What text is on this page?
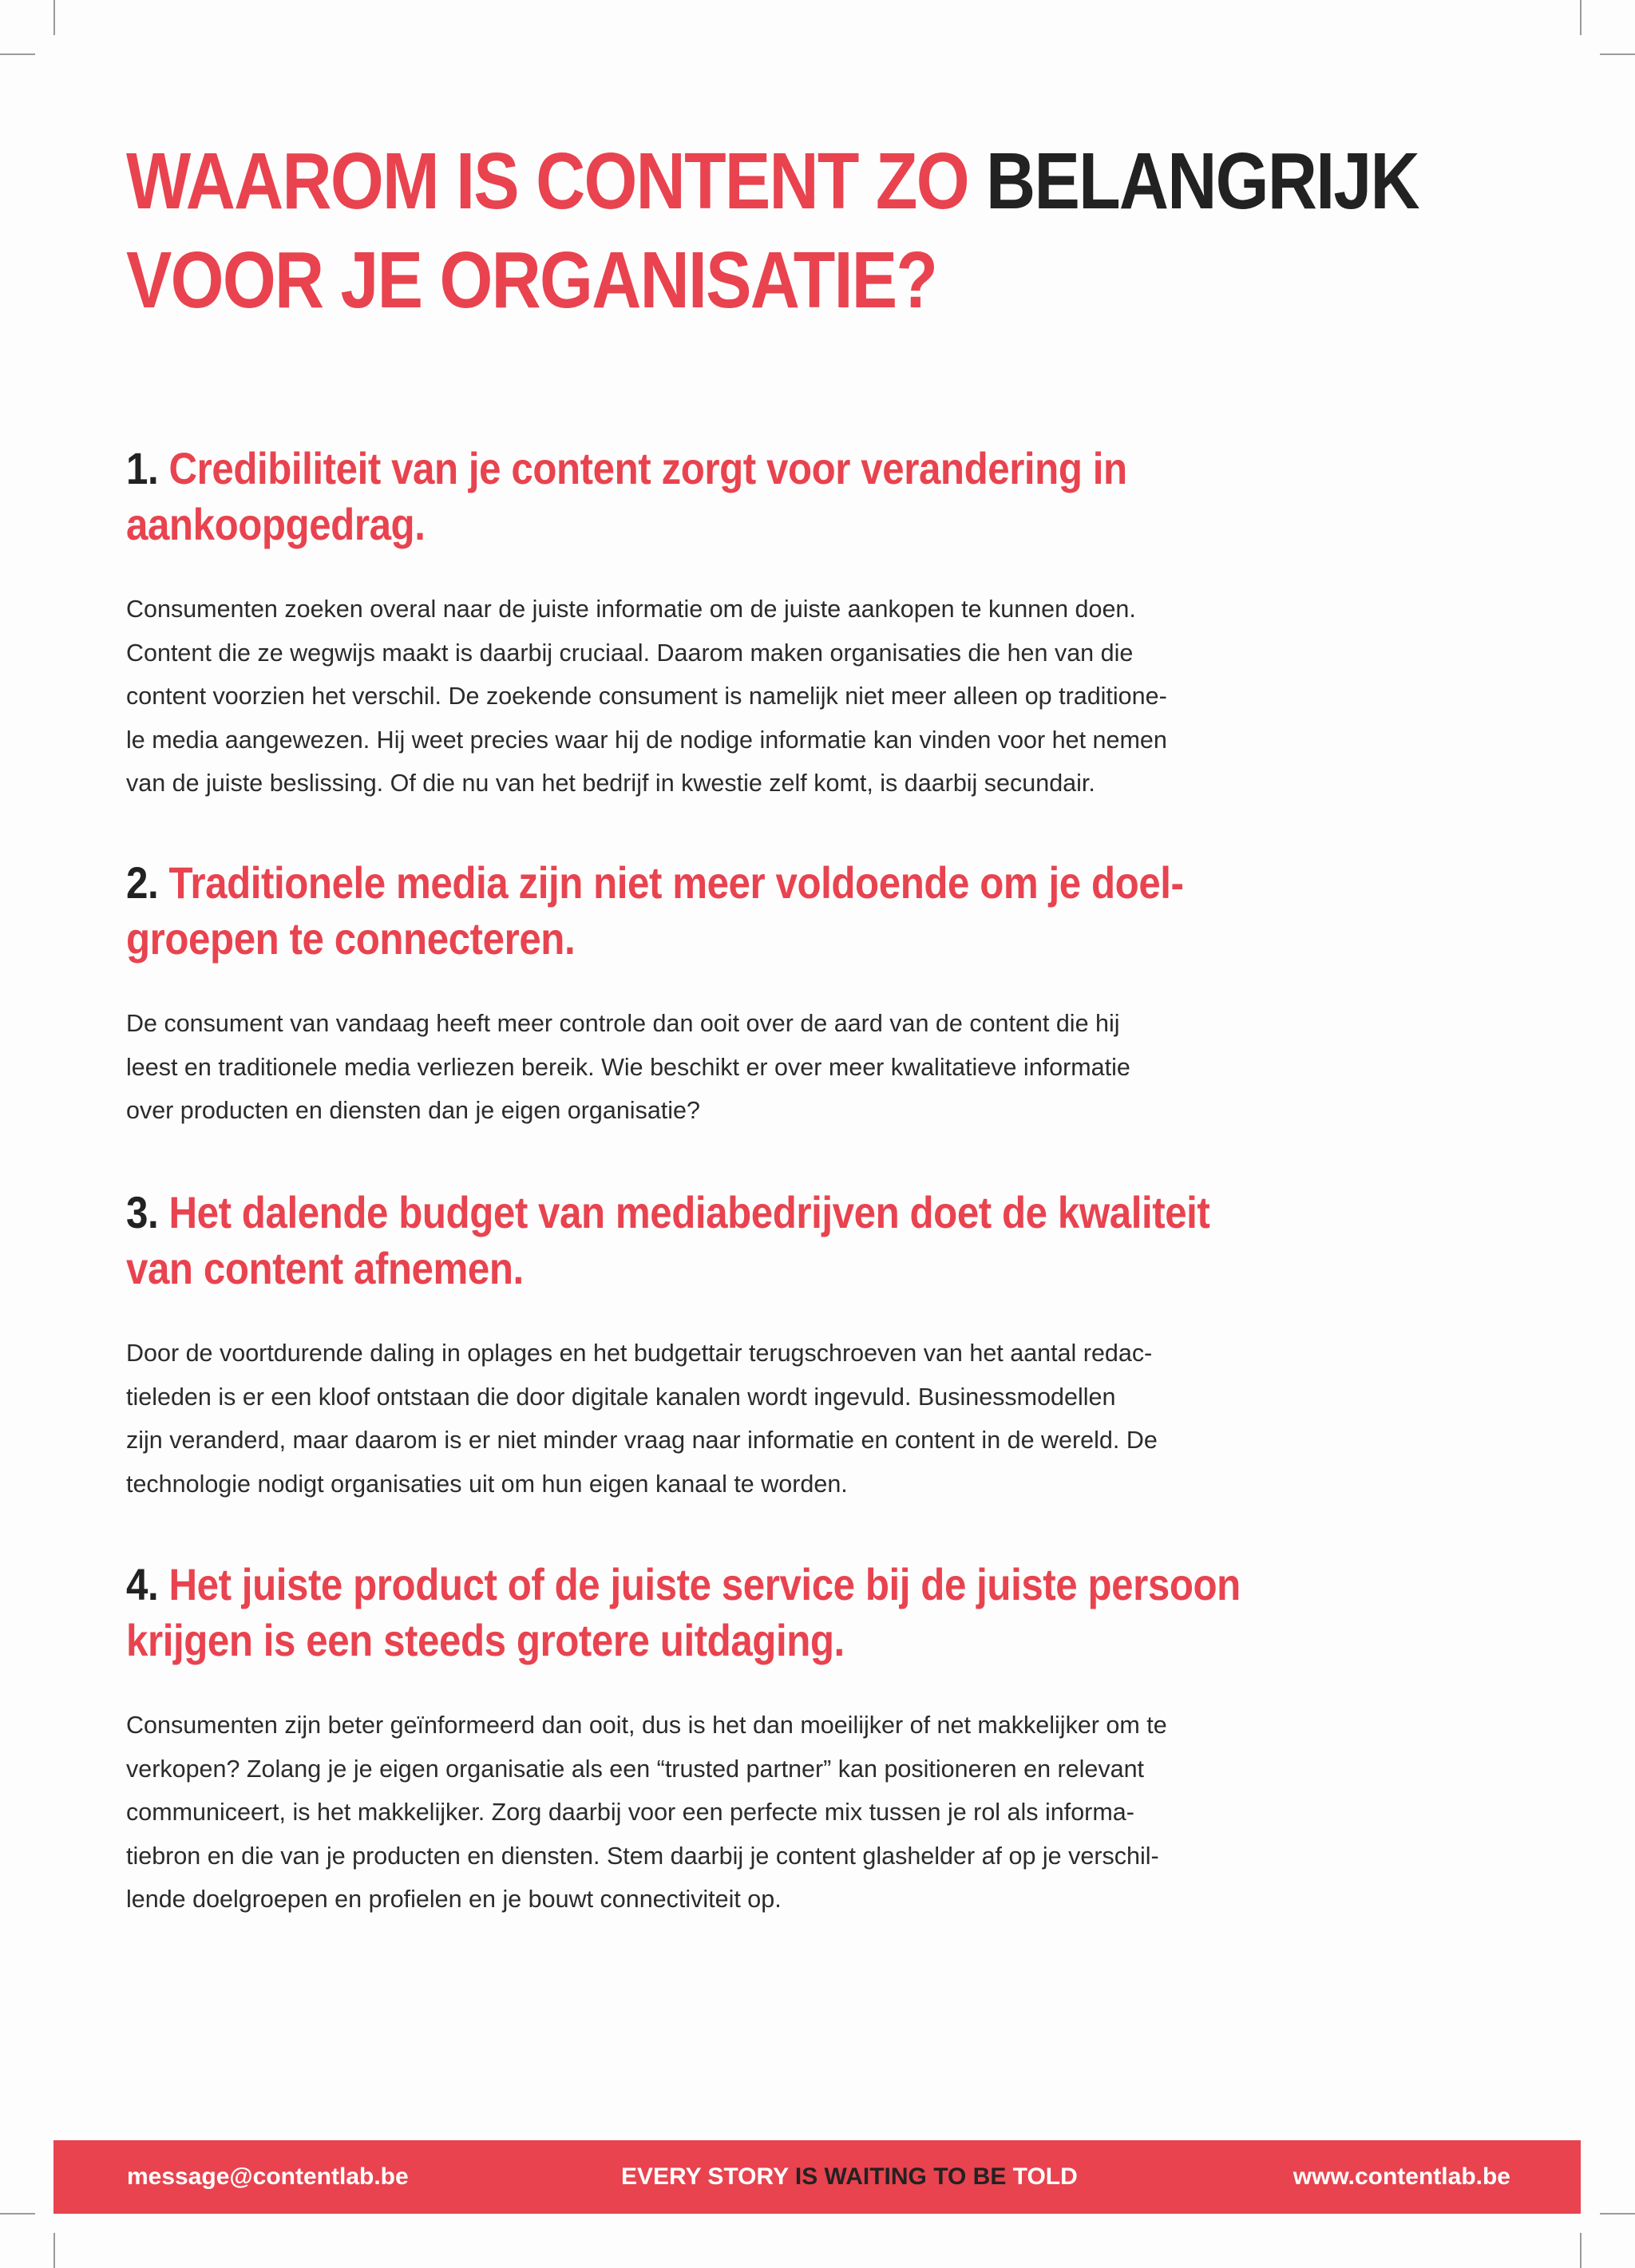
WAAROM IS CONTENT ZO BELANGRIJK
VOOR JE ORGANISATIE?
1. Credibiliteit van je content zorgt voor verandering in
aankoopgedrag.

Consumenten zoeken overal naar de juiste informatie om de juiste aankopen te kunnen doen.
Content die ze wegwijs maakt is daarbij cruciaal. Daarom maken organisaties die hen van die
content voorzien het verschil. De zoekende consument is namelijk niet meer alleen op traditione-
le media aangewezen. Hij weet precies waar hij de nodige informatie kan vinden voor het nemen
van de juiste beslissing. Of die nu van het bedrijf in kwestie zelf komt, is daarbij secundair.

2. Traditionele media zijn niet meer voldoende om je doel-
groepen te connecteren.

De consument van vandaag heeft meer controle dan ooit over de aard van de content die hij
leest en traditionele media verliezen bereik. Wie beschikt er over meer kwalitatieve informatie
over producten en diensten dan je eigen organisatie?

3. Het dalende budget van mediabedrijven doet de kwaliteit
van content afnemen.

Door de voortdurende daling in oplages en het budgettair terugschroeven van het aantal redac-
tieleden is er een kloof ontstaan die door digitale kanalen wordt ingevuld. Businessmodellen
zijn veranderd, maar daarom is er niet minder vraag naar informatie en content in de wereld. De
technologie nodigt organisaties uit om hun eigen kanaal te worden.

4. Het juiste product of de juiste service bij de juiste persoon
krijgen is een steeds grotere uitdaging.

Consumenten zijn beter geïnformeerd dan ooit, dus is het dan moeilijker of net makkelijker om te
verkopen? Zolang je je eigen organisatie als een “trusted partner” kan positioneren en relevant
communiceert, is het makkelijker. Zorg daarbij voor een perfecte mix tussen je rol als informa-
tiebron en die van je producten en diensten. Stem daarbij je content glashelder af op je verschil-
lende doelgroepen en profielen en je bouwt connectiviteit op.

message@contentlab.be	EVERY STORY IS WAITING TO BE TOLD	www.contentlab.be
